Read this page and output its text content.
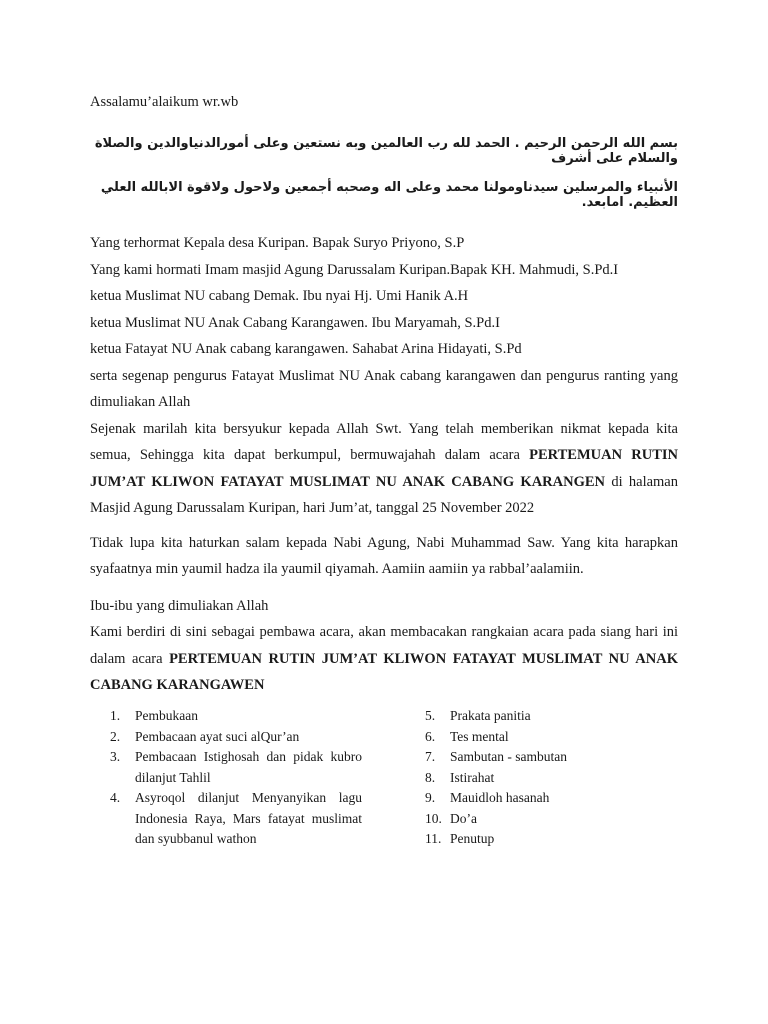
Assalamu’alaikum wr.wb
بسم الله الرحمن الرحيم . الحمد لله رب العالمين وبه نستعين وعلى أمورالدنياوالدين والصلاة والسلام على أشرف
الأنبياء والمرسلين سيدناومولنا محمد وعلى اله وصحبه أجمعين ولاحول ولاقوة الابالله العلي العظيم. امابعد.

Yang terhormat Kepala desa Kuripan. Bapak Suryo Priyono, S.P

Yang kami hormati Imam masjid Agung Darussalam Kuripan.Bapak KH. Mahmudi, S.Pd.I

ketua Muslimat NU cabang Demak. Ibu nyai Hj. Umi Hanik A.H

ketua Muslimat NU Anak Cabang Karangawen. Ibu Maryamah, S.Pd.I

ketua Fatayat NU Anak cabang karangawen. Sahabat Arina Hidayati, S.Pd

serta segenap pengurus Fatayat Muslimat NU Anak cabang karangawen dan pengurus ranting yang dimuliakan Allah

Sejenak marilah kita bersyukur kepada Allah Swt. Yang telah memberikan nikmat kepada kita semua, Sehingga kita dapat berkumpul, bermuwajahah dalam acara PERTEMUAN RUTIN JUM’AT KLIWON FATAYAT MUSLIMAT NU ANAK CABANG KARANGEN di halaman Masjid Agung Darussalam Kuripan, hari Jum’at, tanggal 25 November 2022

Tidak lupa kita haturkan salam kepada Nabi Agung, Nabi Muhammad Saw. Yang kita harapkan syafaatnya min yaumil hadza ila yaumil qiyamah. Aamiin aamiin ya rabbal’aalamiin.

Ibu-ibu yang dimuliakan Allah

Kami berdiri di sini sebagai pembawa acara, akan membacakan rangkaian acara pada siang hari ini dalam acara PERTEMUAN RUTIN JUM’AT KLIWON FATAYAT MUSLIMAT NU ANAK CABANG KARANGAWEN

1.	Pembukaan
2.	Pembacaan ayat suci alQur’an
3.	Pembacaan Istighosah dan pidak kubro dilanjut Tahlil
4.	Asyroqol dilanjut Menyanyikan lagu Indonesia Raya, Mars fatayat muslimat dan syubbanul wathon
5.	Prakata panitia
6.	Tes mental
7.	Sambutan - sambutan
8.	Istirahat
9.	Mauidloh hasanah
10. Do’a
11. Penutup
